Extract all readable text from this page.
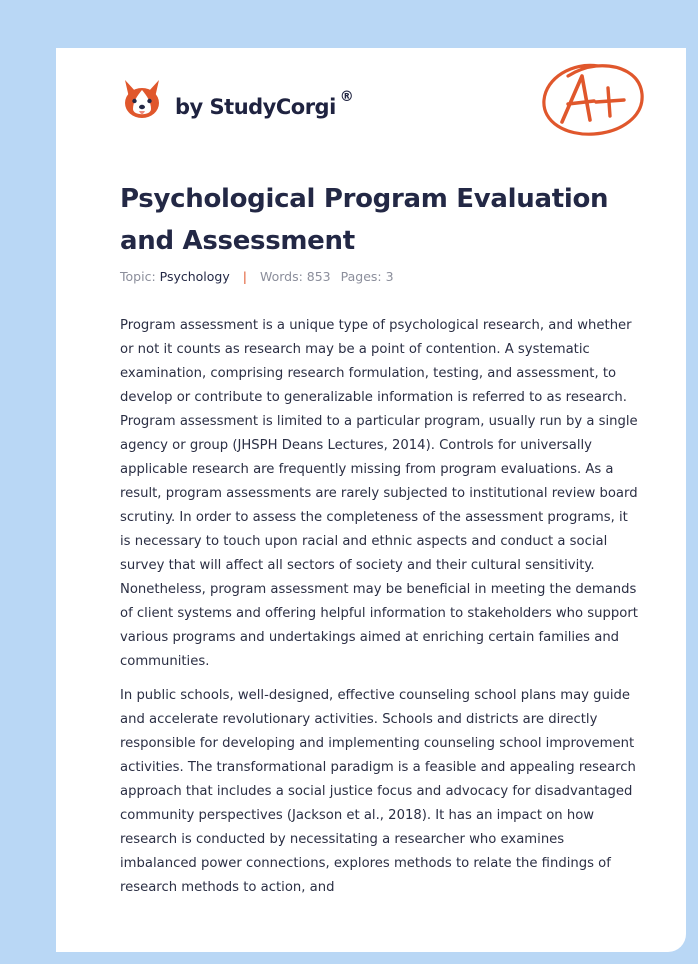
by StudyCorgi ®
Psychological Program Evaluation and Assessment
Topic: Psychology | Words: 853 Pages: 3

Program assessment is a unique type of psychological research, and whether or not it counts as research may be a point of contention. A systematic examination, comprising research formulation, testing, and assessment, to develop or contribute to generalizable information is referred to as research. Program assessment is limited to a particular program, usually run by a single agency or group (JHSPH Deans Lectures, 2014). Controls for universally applicable research are frequently missing from program evaluations. As a result, program assessments are rarely subjected to institutional review board scrutiny. In order to assess the completeness of the assessment programs, it is necessary to touch upon racial and ethnic aspects and conduct a social survey that will affect all sectors of society and their cultural sensitivity. Nonetheless, program assessment may be beneficial in meeting the demands of client systems and offering helpful information to stakeholders who support various programs and undertakings aimed at enriching certain families and communities.

In public schools, well-designed, effective counseling school plans may guide and accelerate revolutionary activities. Schools and districts are directly responsible for developing and implementing counseling school improvement activities. The transformational paradigm is a feasible and appealing research approach that includes a social justice focus and advocacy for disadvantaged community perspectives (Jackson et al., 2018). It has an impact on how research is conducted by necessitating a researcher who examines imbalanced power connections, explores methods to relate the findings of research methods to action, and
